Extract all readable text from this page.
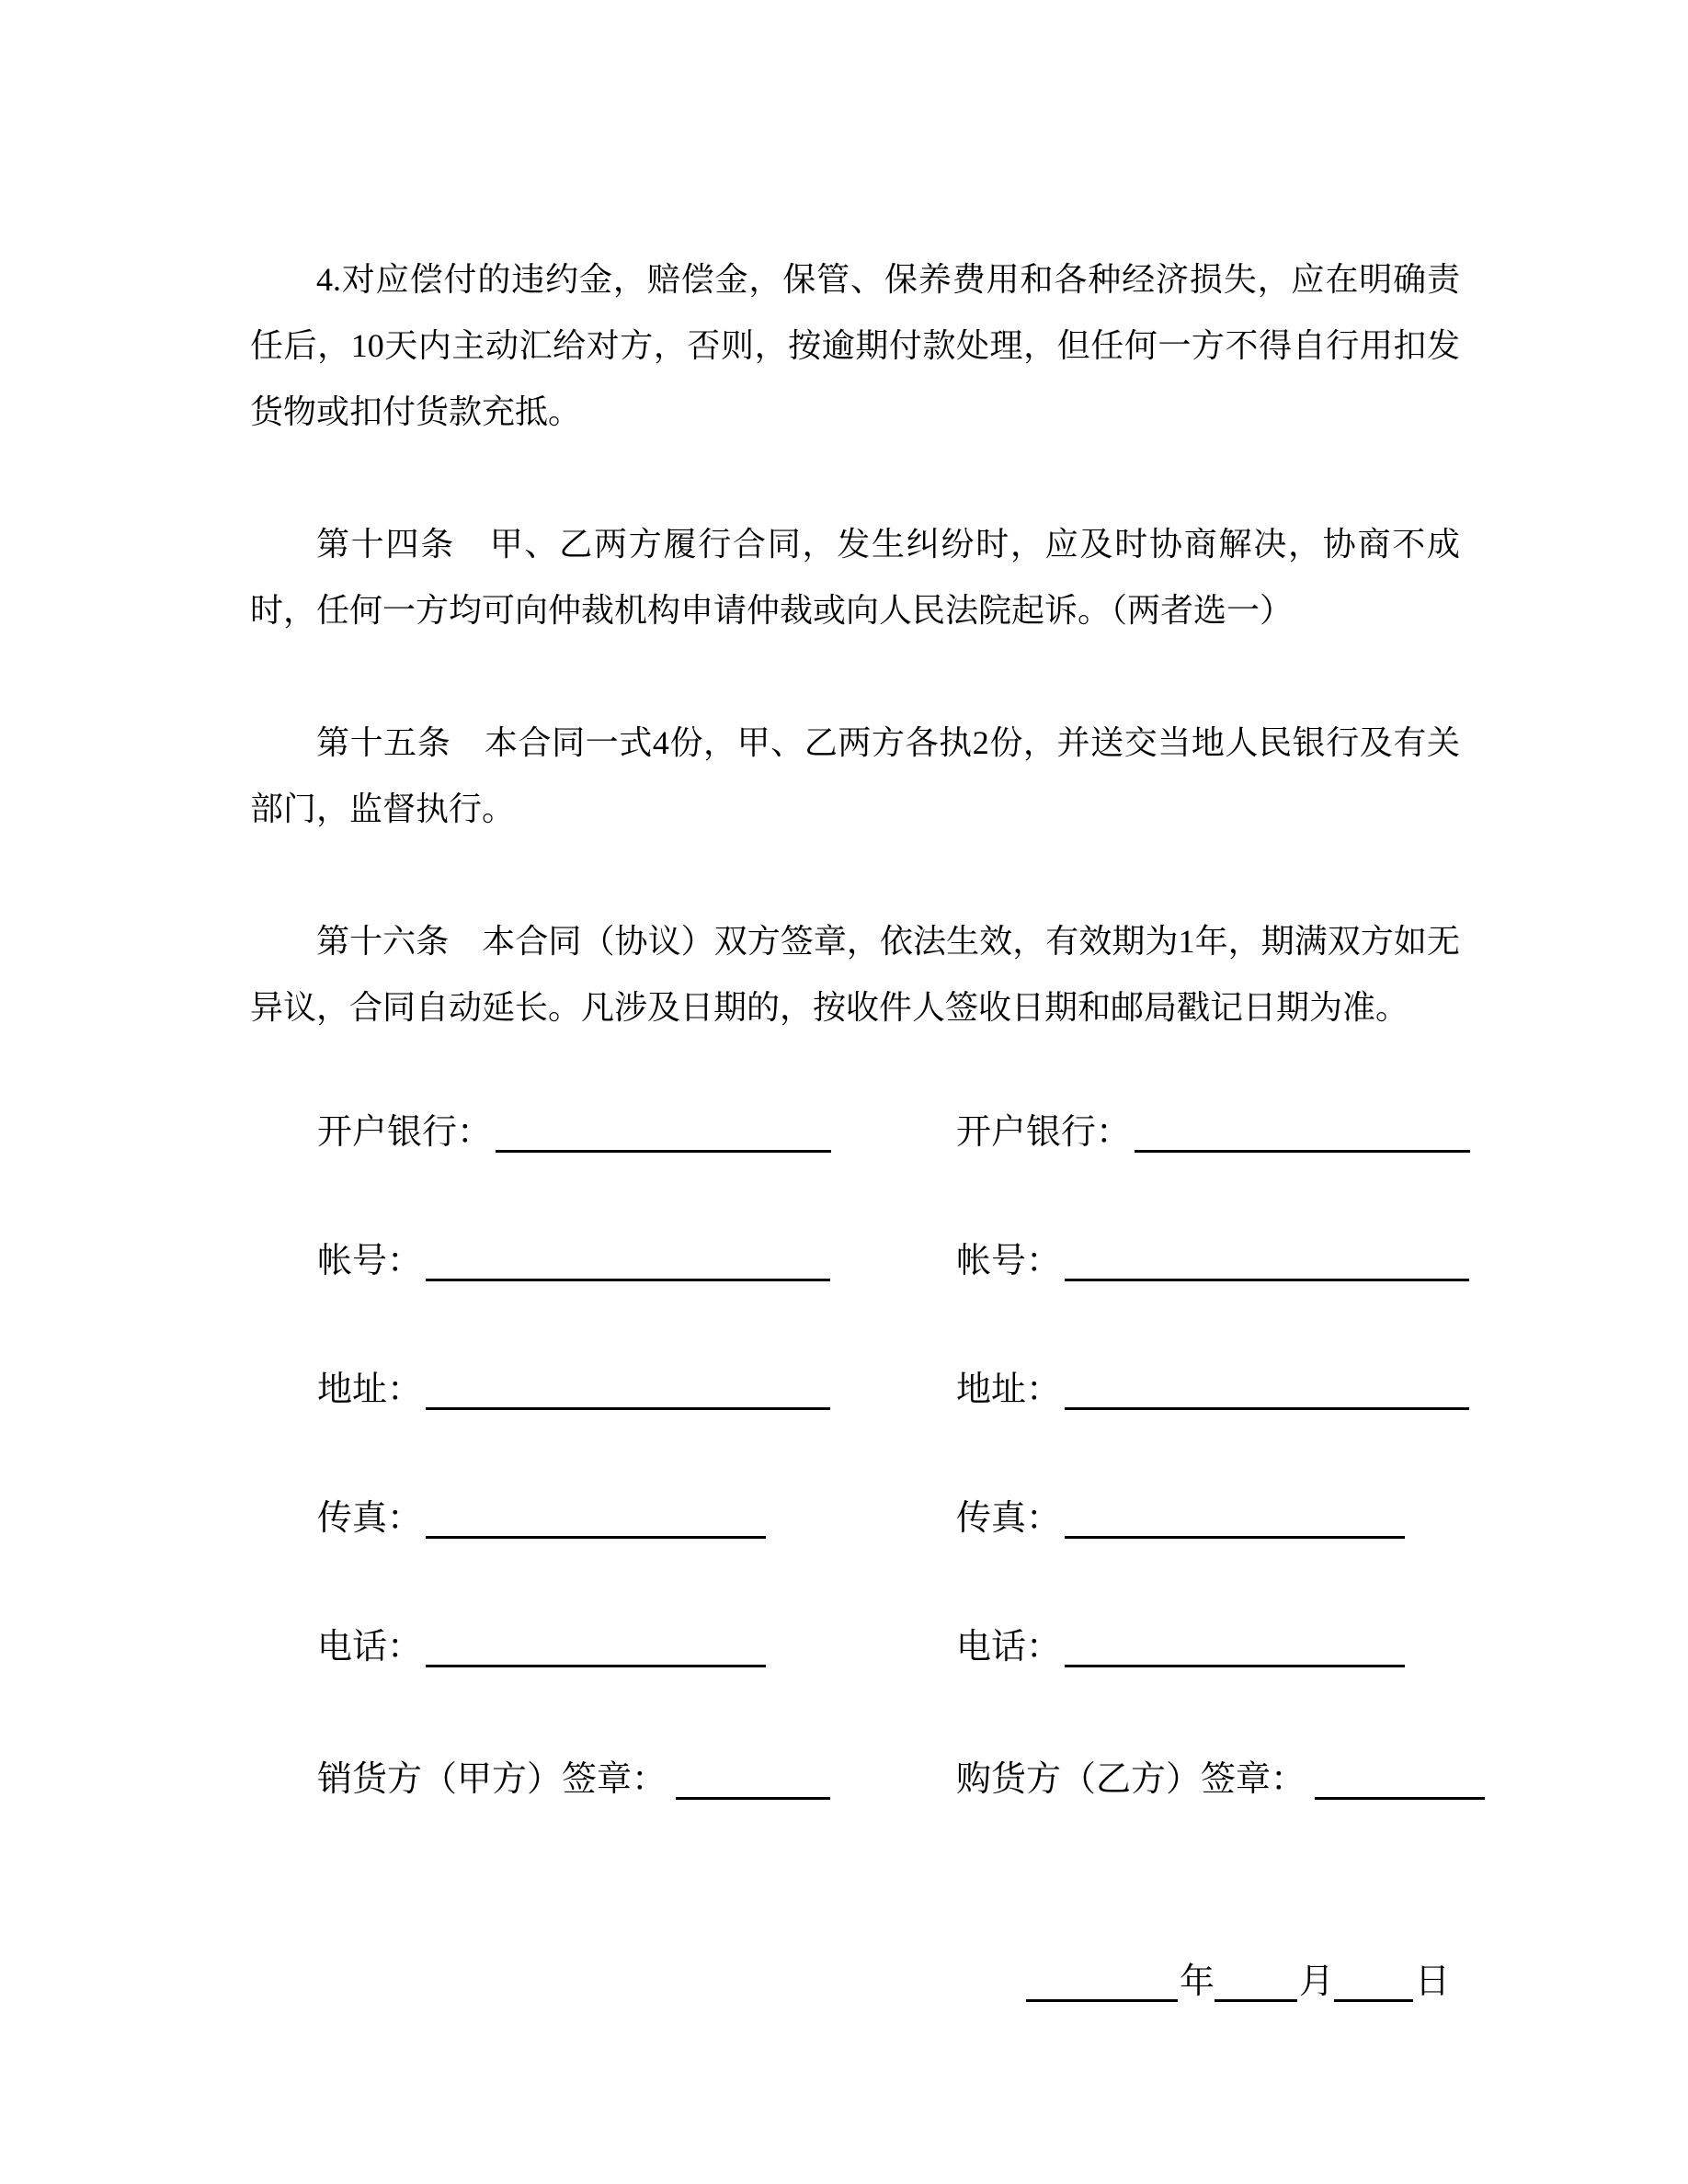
4.对应偿付的违约金，赔偿金，保管、保养费用和各种经济损失，应在明确责任后，10天内主动汇给对方，否则，按逾期付款处理，但任何一方不得自行用扣发货物或扣付货款充抵。

第十四条　甲、乙两方履行合同，发生纠纷时，应及时协商解决，协商不成时，任何一方均可向仲裁机构申请仲裁或向人民法院起诉。（两者选一）

第十五条　本合同一式4份，甲、乙两方各执2份，并送交当地人民银行及有关部门，监督执行。

第十六条　本合同（协议）双方签章，依法生效，有效期为1年，期满双方如无异议，合同自动延长。凡涉及日期的，按收件人签收日期和邮局戳记日期为准。

开户银行：	开户银行：
帐号：	帐号：
地址：	地址：
传真：	传真：
电话：	电话：
销货方（甲方）签章：	购货方（乙方）签章：
年 月 日
